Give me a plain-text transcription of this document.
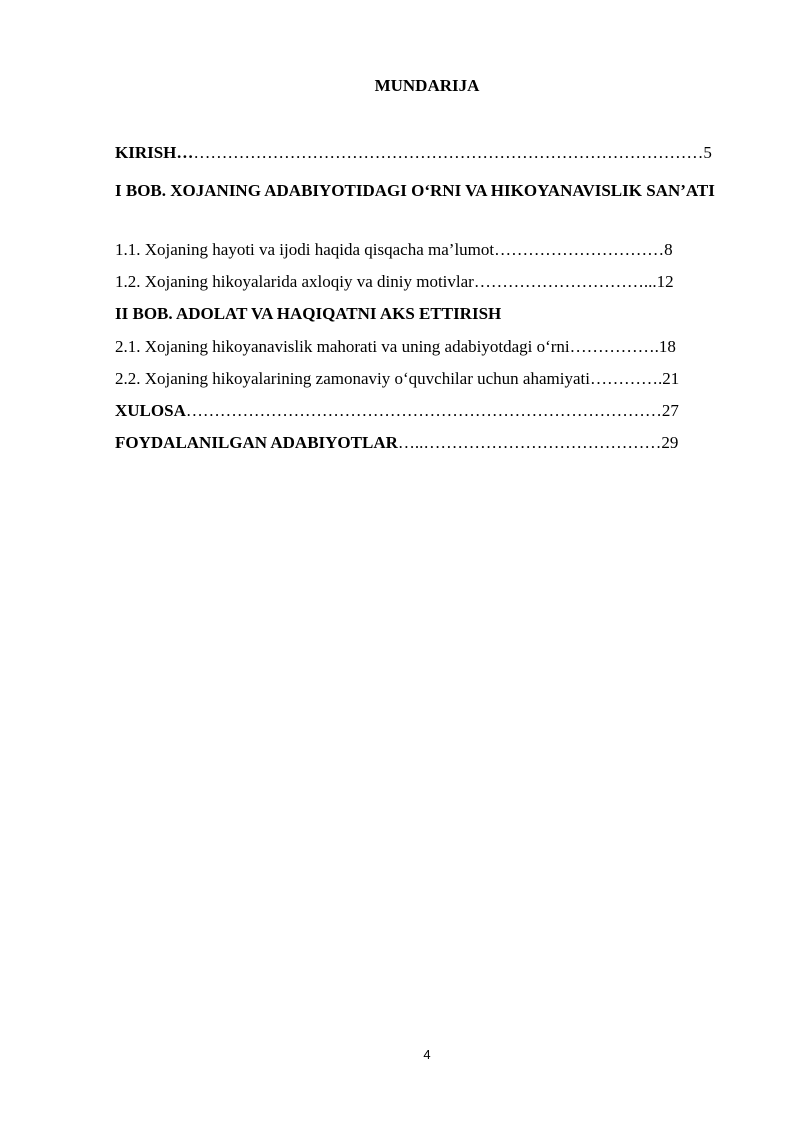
MUNDARIJA
KIRISH…………………………………………………………………………………5
I BOB. XOJANING ADABIYOTIDAGI O‘RNI VA HIKOYANAVISLIK SAN’ATI
1.1. Xojaning hayoti va ijodi haqida qisqacha ma’lumot…………………………8
1.2. Xojaning hikoyalarida axloqiy va diniy motivlar…………………………...12
II BOB. ADOLAT VA HAQIQATNI AKS ETTIRISH
2.1. Xojaning hikoyanavislik mahorati va uning adabiyotdagi o‘rni…………….18
2.2. Xojaning hikoyalarining zamonaviy o‘quvchilar uchun ahamiyati………….21
XULOSA…………………………………………………………………………27
FOYDALANILGAN ADABIYOTLAR…..……………………………………29
4
